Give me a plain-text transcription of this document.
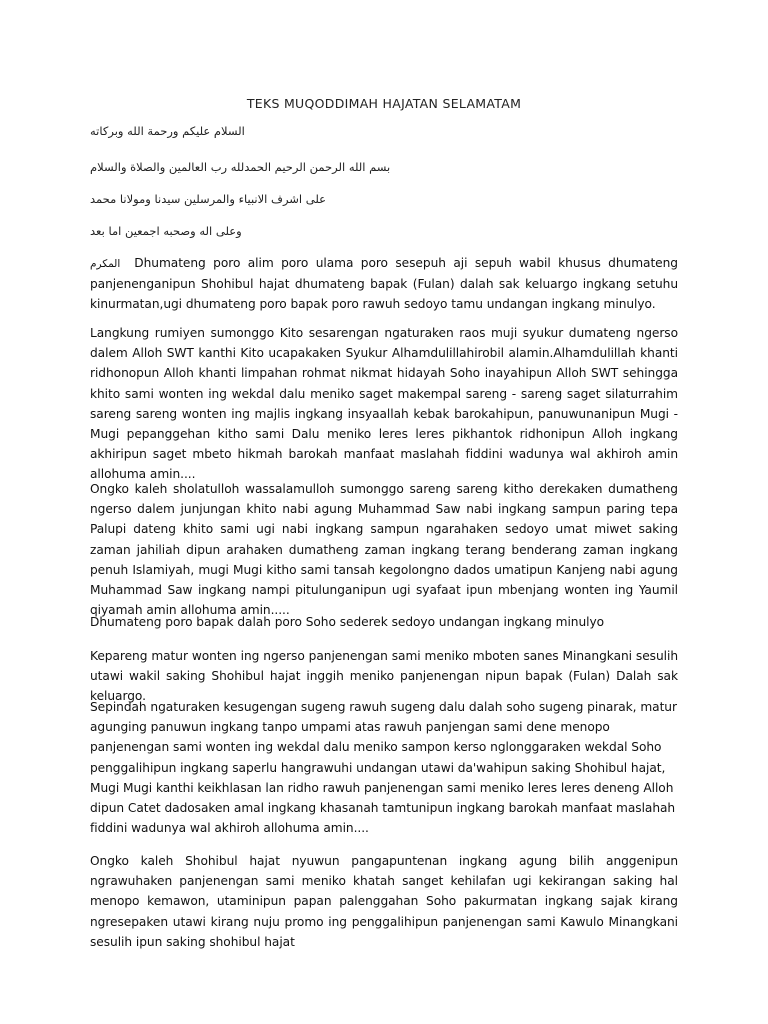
TEKS MUQODDIMAH HAJATAN SELAMATAM
السلام عليكم ورحمة الله وبركاته
بسم الله الرحمن الرحيم الحمدلله رب العالمين والصلاة والسلام
على اشرف الانبياء والمرسلين سيدنا ومولانا محمد
وعلى اله وصحبه اجمعين اما بعد
المكرم Dhumateng poro alim poro ulama poro sesepuh aji sepuh wabil khusus dhumateng panjenenganipun Shohibul hajat dhumateng bapak (Fulan) dalah sak keluargo ingkang setuhu kinurmatan,ugi dhumateng poro bapak poro rawuh sedoyo tamu undangan ingkang minulyo.
Langkung rumiyen sumonggo Kito sesarengan ngaturaken raos muji syukur dumateng ngerso dalem Alloh SWT kanthi Kito ucapakaken Syukur Alhamdulillahirobil alamin.Alhamdulillah khanti ridhonopun Alloh khanti limpahan rohmat nikmat hidayah Soho inayahipun Alloh SWT sehingga khito sami wonten ing wekdal dalu meniko saget makempal sareng - sareng saget silaturrahim sareng sareng wonten ing majlis ingkang insyaallah kebak barokahipun, panuwunanipun Mugi - Mugi pepanggehan kitho sami Dalu meniko leres leres pikhantok ridhonipun Alloh ingkang akhiripun saget mbeto hikmah barokah manfaat maslahah fiddini wadunya wal akhiroh amin allohuma amin....
Ongko kaleh sholatulloh wassalamulloh sumonggo sareng sareng kitho derekaken dumatheng ngerso dalem junjungan khito nabi agung Muhammad Saw nabi ingkang sampun paring tepa Palupi dateng khito sami ugi nabi ingkang sampun ngarahaken sedoyo umat miwet saking zaman jahiliah dipun arahaken dumatheng zaman ingkang terang benderang zaman ingkang penuh Islamiyah, mugi Mugi kitho sami tansah kegolongno dados umatipun Kanjeng nabi agung Muhammad Saw ingkang nampi pitulunganipun ugi syafaat ipun mbenjang wonten ing Yaumil qiyamah amin allohuma amin.....
Dhumateng poro bapak dalah poro Soho sederek sedoyo undangan ingkang minulyo
Kepareng matur wonten ing ngerso panjenengan sami meniko mboten sanes Minangkani sesulih utawi wakil saking Shohibul hajat inggih meniko panjenengan nipun bapak (Fulan) Dalah sak keluargo.
Sepindah ngaturaken kesugengan sugeng rawuh sugeng dalu dalah soho sugeng pinarak, matur agunging panuwun ingkang tanpo umpami atas rawuh panjengan sami dene menopo panjenengan sami wonten ing wekdal dalu meniko sampon kerso nglonggaraken wekdal Soho penggalihipun ingkang saperlu hangrawuhi undangan utawi da'wahipun saking Shohibul hajat, Mugi Mugi kanthi keikhlasan lan ridho rawuh panjenengan sami meniko leres leres deneng Alloh dipun Catet dadosaken amal ingkang khasanah tamtunipun ingkang barokah manfaat maslahah fiddini wadunya wal akhiroh allohuma amin....
Ongko kaleh Shohibul hajat nyuwun pangapuntenan ingkang agung bilih anggenipun ngrawuhaken panjenengan sami meniko khatah sanget kehilafan ugi kekirangan saking hal menopo kemawon, utaminipun papan palenggahan Soho pakurmatan ingkang sajak kirang ngresepaken utawi kirang nuju promo ing penggalihipun panjenengan sami Kawulo Minangkani sesulih ipun saking shohibul hajat
